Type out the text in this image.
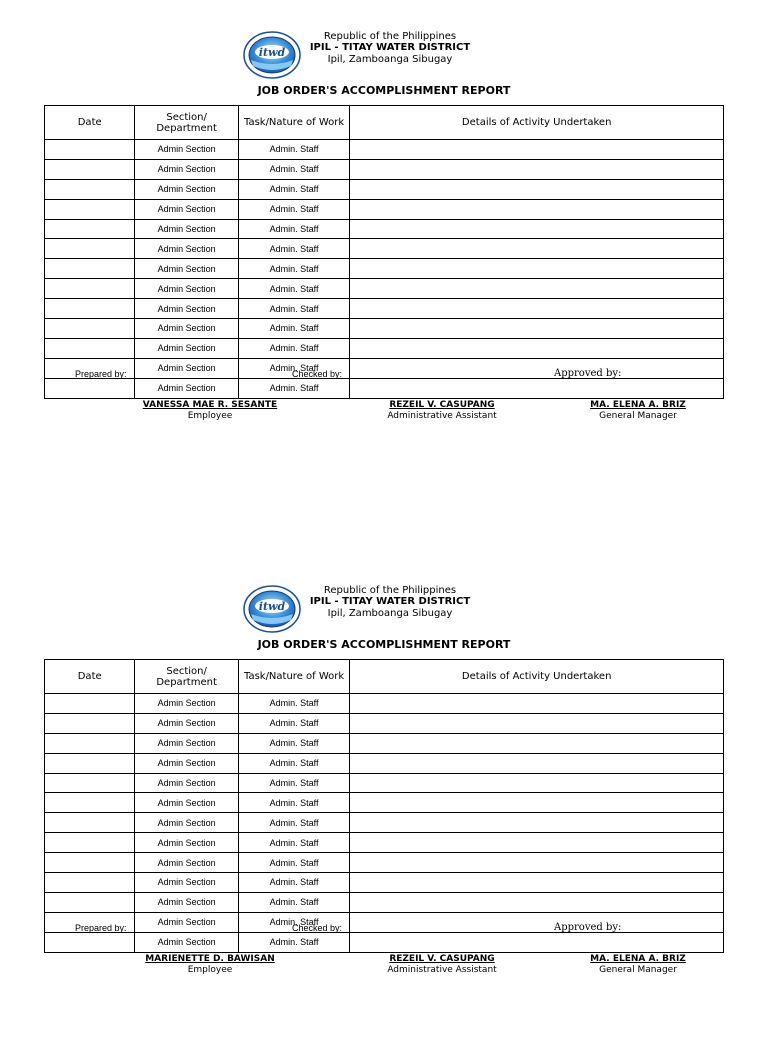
itwd
Republic of the Philippines
IPIL - TITAY WATER DISTRICT
Ipil, Zamboanga Sibugay
JOB ORDER'S ACCOMPLISHMENT REPORT
Date	Section/ Department	Task/Nature of Work	Details of Activity Undertaken
	Admin Section	Admin. Staff	
	Admin Section	Admin. Staff	
	Admin Section	Admin. Staff	
	Admin Section	Admin. Staff	
	Admin Section	Admin. Staff	
	Admin Section	Admin. Staff	
	Admin Section	Admin. Staff	
	Admin Section	Admin. Staff	
	Admin Section	Admin. Staff	
	Admin Section	Admin. Staff	
	Admin Section	Admin. Staff	
	Admin Section	Admin. Staff	
	Admin Section	Admin. Staff	
Prepared by:	Checked by:	Approved by:
VANESSA MAE R. SESANTE
Employee
REZEIL V. CASUPANG
Administrative Assistant
MA. ELENA A. BRIZ
General Manager
itwd
Republic of the Philippines
IPIL - TITAY WATER DISTRICT
Ipil, Zamboanga Sibugay
JOB ORDER'S ACCOMPLISHMENT REPORT
Date	Section/ Department	Task/Nature of Work	Details of Activity Undertaken
	Admin Section	Admin. Staff	
	Admin Section	Admin. Staff	
	Admin Section	Admin. Staff	
	Admin Section	Admin. Staff	
	Admin Section	Admin. Staff	
	Admin Section	Admin. Staff	
	Admin Section	Admin. Staff	
	Admin Section	Admin. Staff	
	Admin Section	Admin. Staff	
	Admin Section	Admin. Staff	
	Admin Section	Admin. Staff	
	Admin Section	Admin. Staff	
	Admin Section	Admin. Staff	
Prepared by:	Checked by:	Approved by:
MARIENETTE D. BAWISAN
Employee
REZEIL V. CASUPANG
Administrative Assistant
MA. ELENA A. BRIZ
General Manager
